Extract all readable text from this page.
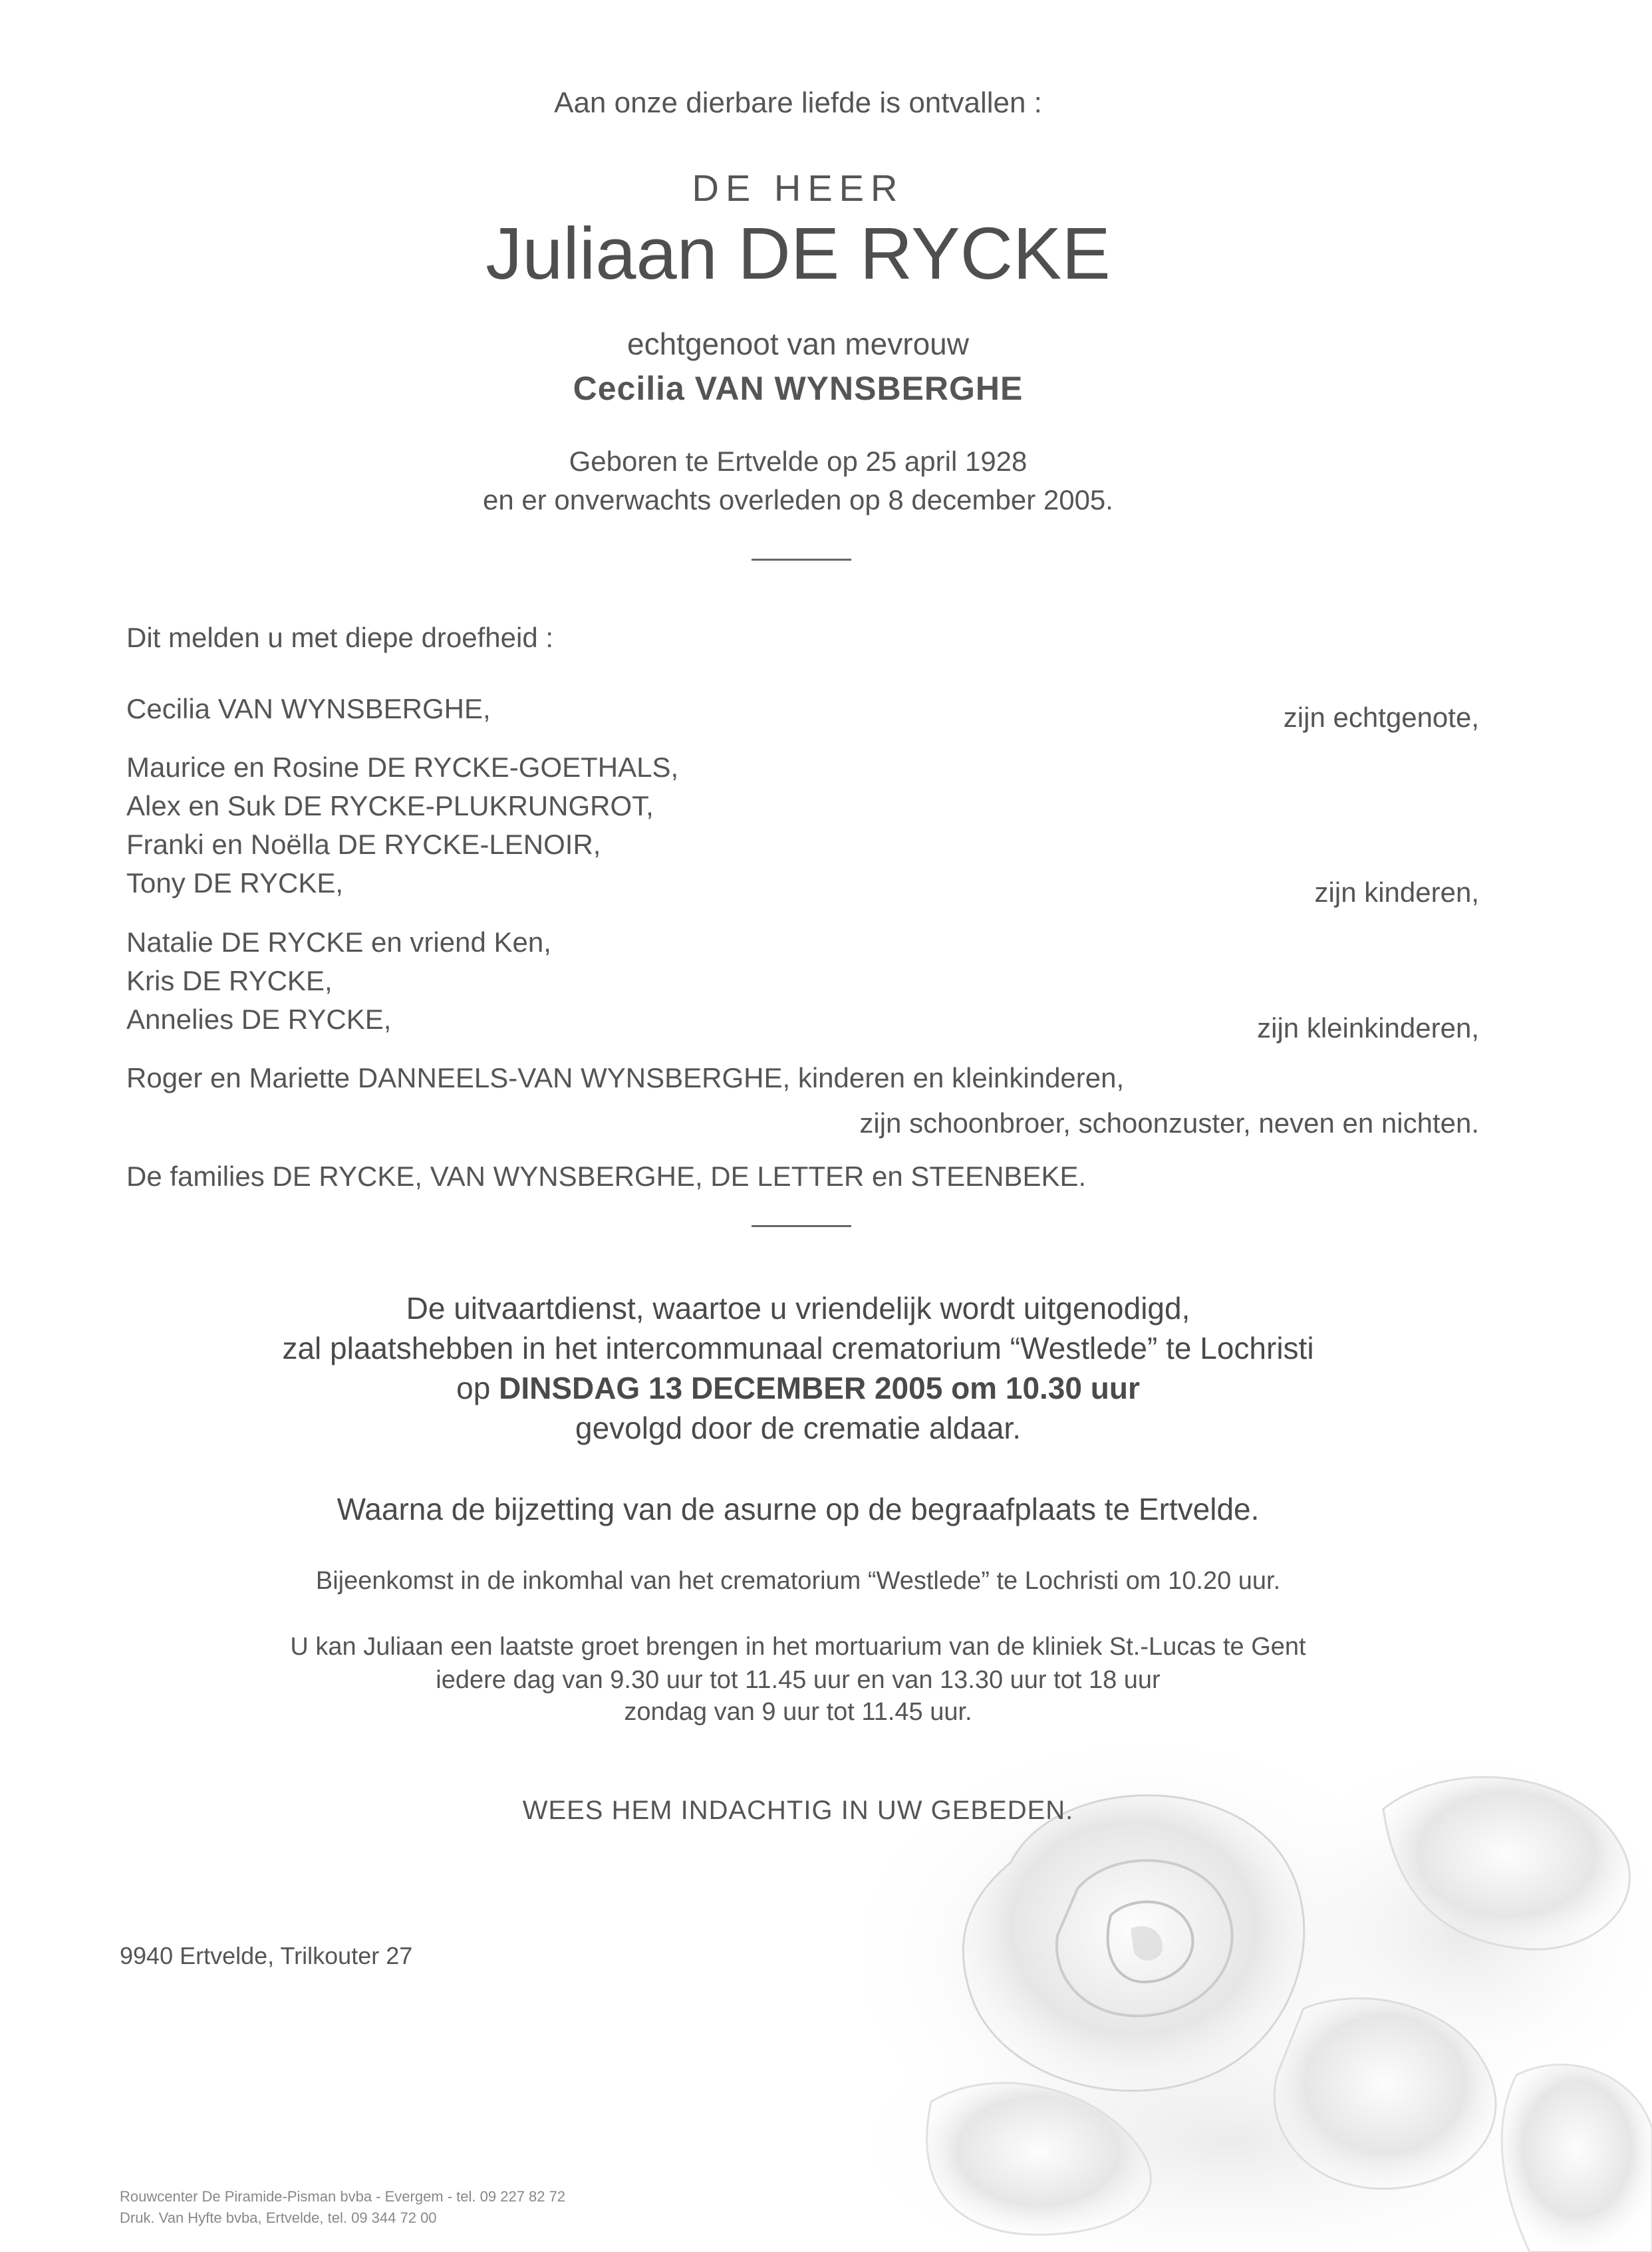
Aan onze dierbare liefde is ontvallen :
DE HEER
Juliaan DE RYCKE
echtgenoot van mevrouw
Cecilia VAN WYNSBERGHE
Geboren te Ertvelde op 25 april 1928
en er onverwachts overleden op 8 december 2005.
Dit melden u met diepe droefheid :
Cecilia VAN WYNSBERGHE,	zijn echtgenote,
Maurice en Rosine DE RYCKE-GOETHALS,
Alex en Suk DE RYCKE-PLUKRUNGROT,
Franki en Noëlla DE RYCKE-LENOIR,
Tony DE RYCKE,	zijn kinderen,
Natalie DE RYCKE en vriend Ken,
Kris DE RYCKE,
Annelies DE RYCKE,	zijn kleinkinderen,
Roger en Mariette DANNEELS-VAN WYNSBERGHE, kinderen en kleinkinderen,
zijn schoonbroer, schoonzuster, neven en nichten.
De families DE RYCKE, VAN WYNSBERGHE, DE LETTER en STEENBEKE.
De uitvaartdienst, waartoe u vriendelijk wordt uitgenodigd,
zal plaatshebben in het intercommunaal crematorium “Westlede” te Lochristi
op DINSDAG 13 DECEMBER 2005 om 10.30 uur
gevolgd door de crematie aldaar.
Waarna de bijzetting van de asurne op de begraafplaats te Ertvelde.
Bijeenkomst in de inkomhal van het crematorium “Westlede” te Lochristi om 10.20 uur.
U kan Juliaan een laatste groet brengen in het mortuarium van de kliniek St.-Lucas te Gent
iedere dag van 9.30 uur tot 11.45 uur en van 13.30 uur tot 18 uur
zondag van 9 uur tot 11.45 uur.
WEES HEM INDACHTIG IN UW GEBEDEN.
9940 Ertvelde, Trilkouter 27
Rouwcenter De Piramide-Pisman bvba - Evergem - tel. 09 227 82 72
Druk. Van Hyfte bvba, Ertvelde, tel. 09 344 72 00
